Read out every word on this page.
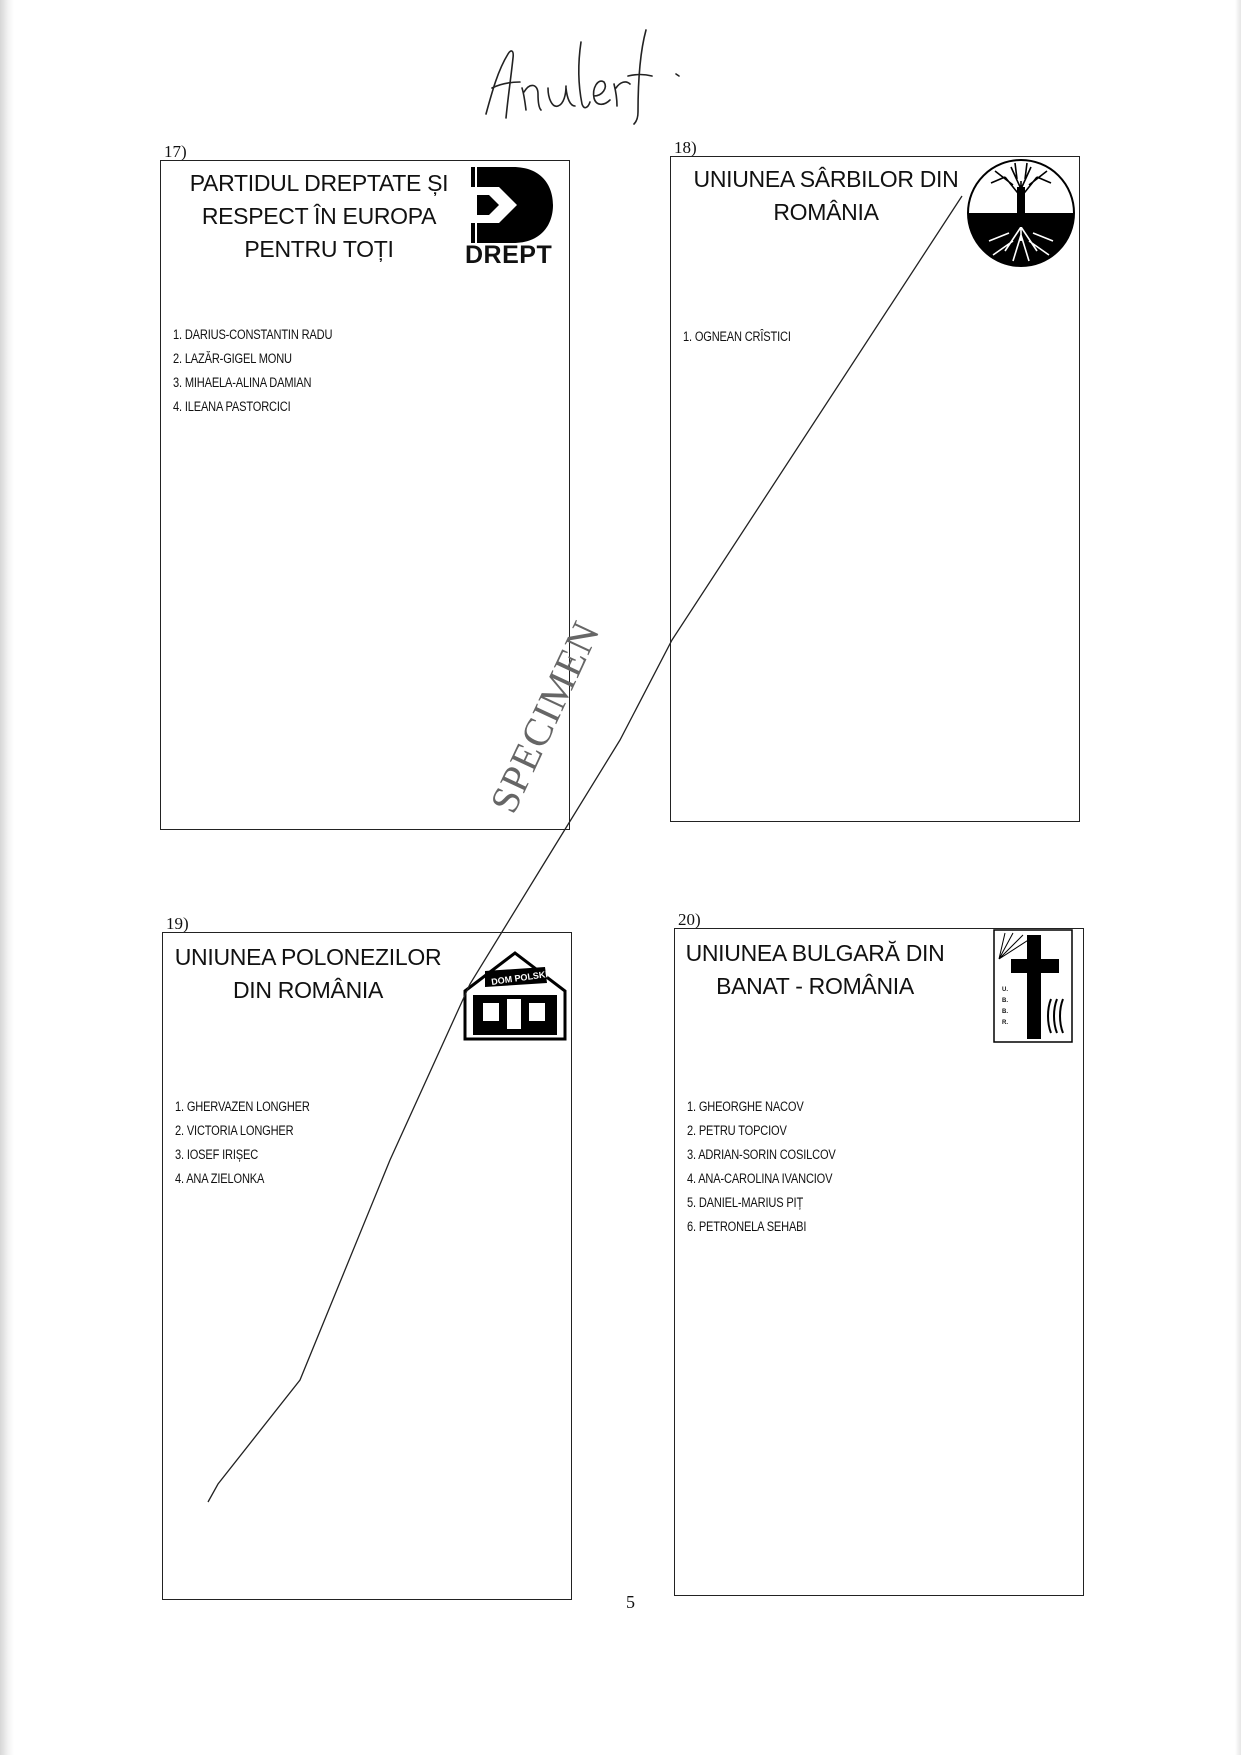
17)
PARTIDUL DREPTATE ȘI
RESPECT ÎN EUROPA
PENTRU TOȚI	DREPT
1. DARIUS-CONSTANTIN RADU
2. LAZĂR-GIGEL MONU
3. MIHAELA-ALINA DAMIAN
4. ILEANA PASTORCICI
18)
UNIUNEA SÂRBILOR DIN
ROMÂNIA
1. OGNEAN CRÎSTICI
19)
UNIUNEA POLONEZILOR
DIN ROMÂNIA	DOM POLSKI
1. GHERVAZEN LONGHER
2. VICTORIA LONGHER
3. IOSEF IRIȘEC
4. ANA ZIELONKA
20)
UNIUNEA BULGARĂ DIN
BANAT - ROMÂNIA	U.
B.
B.
R.
1. GHEORGHE NACOV
2. PETRU TOPCIOV
3. ADRIAN-SORIN COSILCOV
4. ANA-CAROLINA IVANCIOV
5. DANIEL-MARIUS PIȚ
6. PETRONELA SEHABI
SPECIMEN
5
